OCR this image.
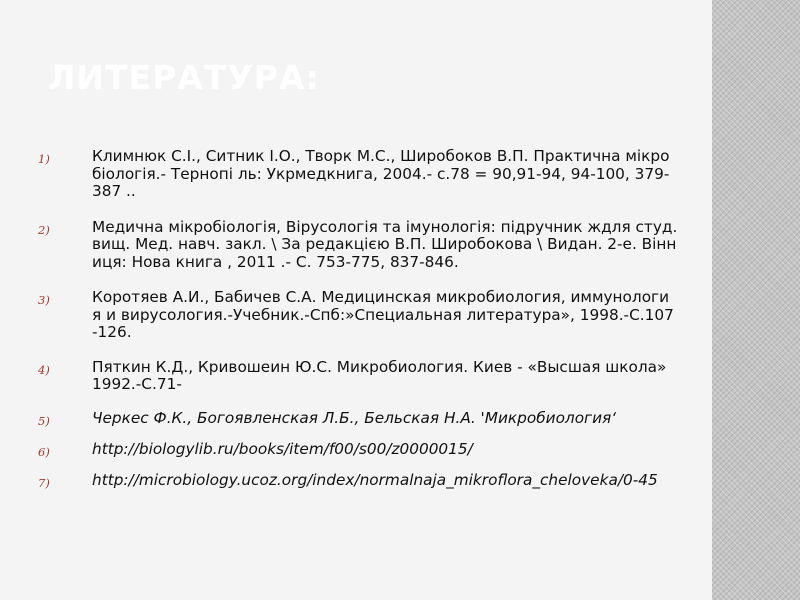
ЛИТЕРАТУРА:
1)	Климнюк С.І., Ситник І.О., Творк М.С., Широбоков В.П. Практична мікробіологія.- Тернопі ль: Укрмедкнига, 2004.- с.78 = 90,91-94, 94-100, 379-387 ..
2)	Медична мікробіологія, Вірусологія та імунологія: підручник ждля студ. вищ. Мед. навч. закл. \ За редакцією В.П. Широбокова \ Видан. 2-е. Вінниця: Нова книга , 2011 .- С. 753-775, 837-846.
3)	Коротяев А.И., Бабичев С.А. Медицинская микробиология, иммунология и вирусология.-Учебник.-Спб:»Специальная литература», 1998.-С.107-126.
4)	Пяткин К.Д., Кривошеин Ю.С. Микробиология. Киев - «Высшая школа» 1992.-С.71-
5)	Черкес Ф.К., Богоявленская Л.Б., Бельская Н.А. 'Микробиология‘
6)	http://biologylib.ru/books/item/f00/s00/z0000015/
7)	http://microbiology.ucoz.org/index/normalnaja_mikroflora_cheloveka/0-45
